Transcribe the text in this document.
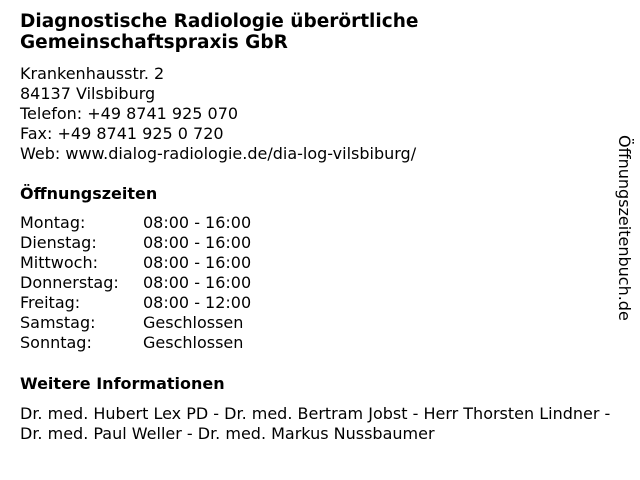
Diagnostische Radiologie überörtliche Gemeinschaftspraxis GbR
Krankenhausstr. 2
84137 Vilsbiburg
Telefon: +49 8741 925 070
Fax: +49 8741 925 0 720
Web: www.dialog-radiologie.de/dia-log-vilsbiburg/
Öffnungszeiten
Montag:	08:00 - 16:00
Dienstag:	08:00 - 16:00
Mittwoch:	08:00 - 16:00
Donnerstag:	08:00 - 16:00
Freitag:	08:00 - 12:00
Samstag:	Geschlossen
Sonntag:	Geschlossen
Weitere Informationen
Dr. med. Hubert Lex PD - Dr. med. Bertram Jobst - Herr Thorsten Lindner - Dr. med. Paul Weller - Dr. med. Markus Nussbaumer
Öffnungszeitenbuch.de
